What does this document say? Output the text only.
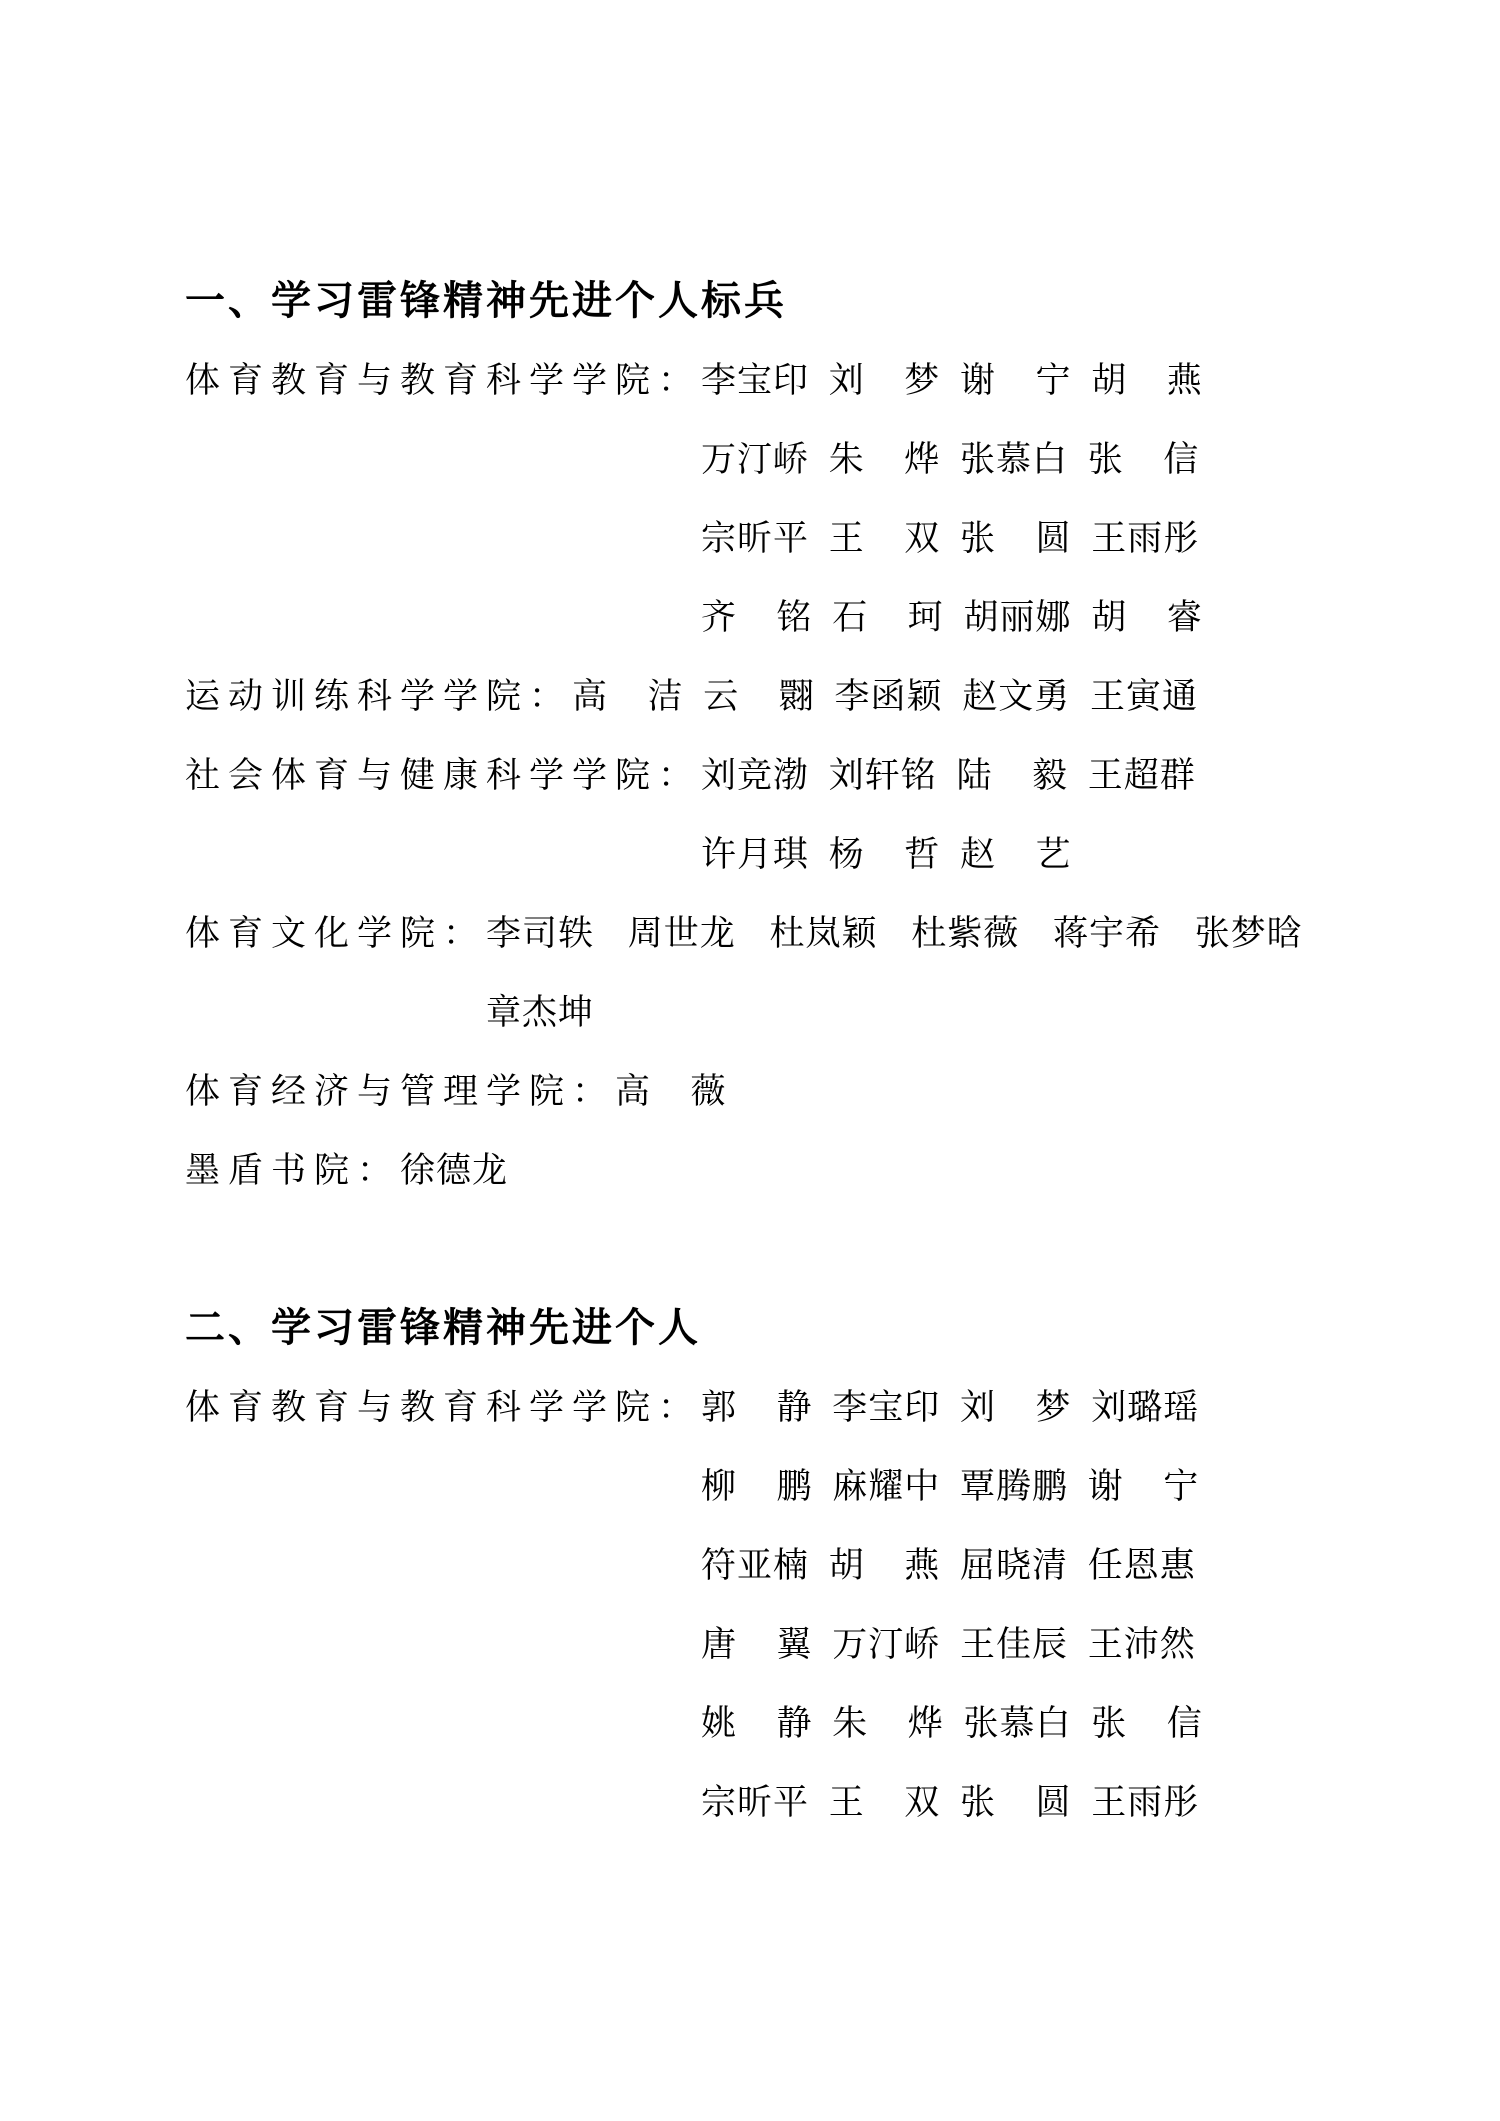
一、学习雷锋精神先进个人标兵
体育教育与教育科学学院： 李宝印 刘  梦 谢  宁 胡  燕
万汀峤 朱  烨 张慕白 张  信
宗昕平 王  双 张  圆 王雨彤
齐  铭 石  珂 胡丽娜 胡  睿
运动训练科学学院： 高  洁 云  翾 李函颖 赵文勇 王寅通
社会体育与健康科学学院： 刘竞渤 刘轩铭 陆  毅 王超群
许月琪 杨  哲 赵  艺
体育文化学院： 李司轶 周世龙 杜岚颖 杜紫薇 蒋宇希 张梦晗
章杰坤
体育经济与管理学院： 高  薇
墨盾书院： 徐德龙
二、学习雷锋精神先进个人
体育教育与教育科学学院： 郭  静 李宝印 刘  梦 刘璐瑶
柳  鹏 麻耀中 覃腾鹏 谢  宁
符亚楠 胡  燕 屈晓清 任恩惠
唐  翼 万汀峤 王佳辰 王沛然
姚  静 朱  烨 张慕白 张  信
宗昕平 王  双 张  圆 王雨彤
